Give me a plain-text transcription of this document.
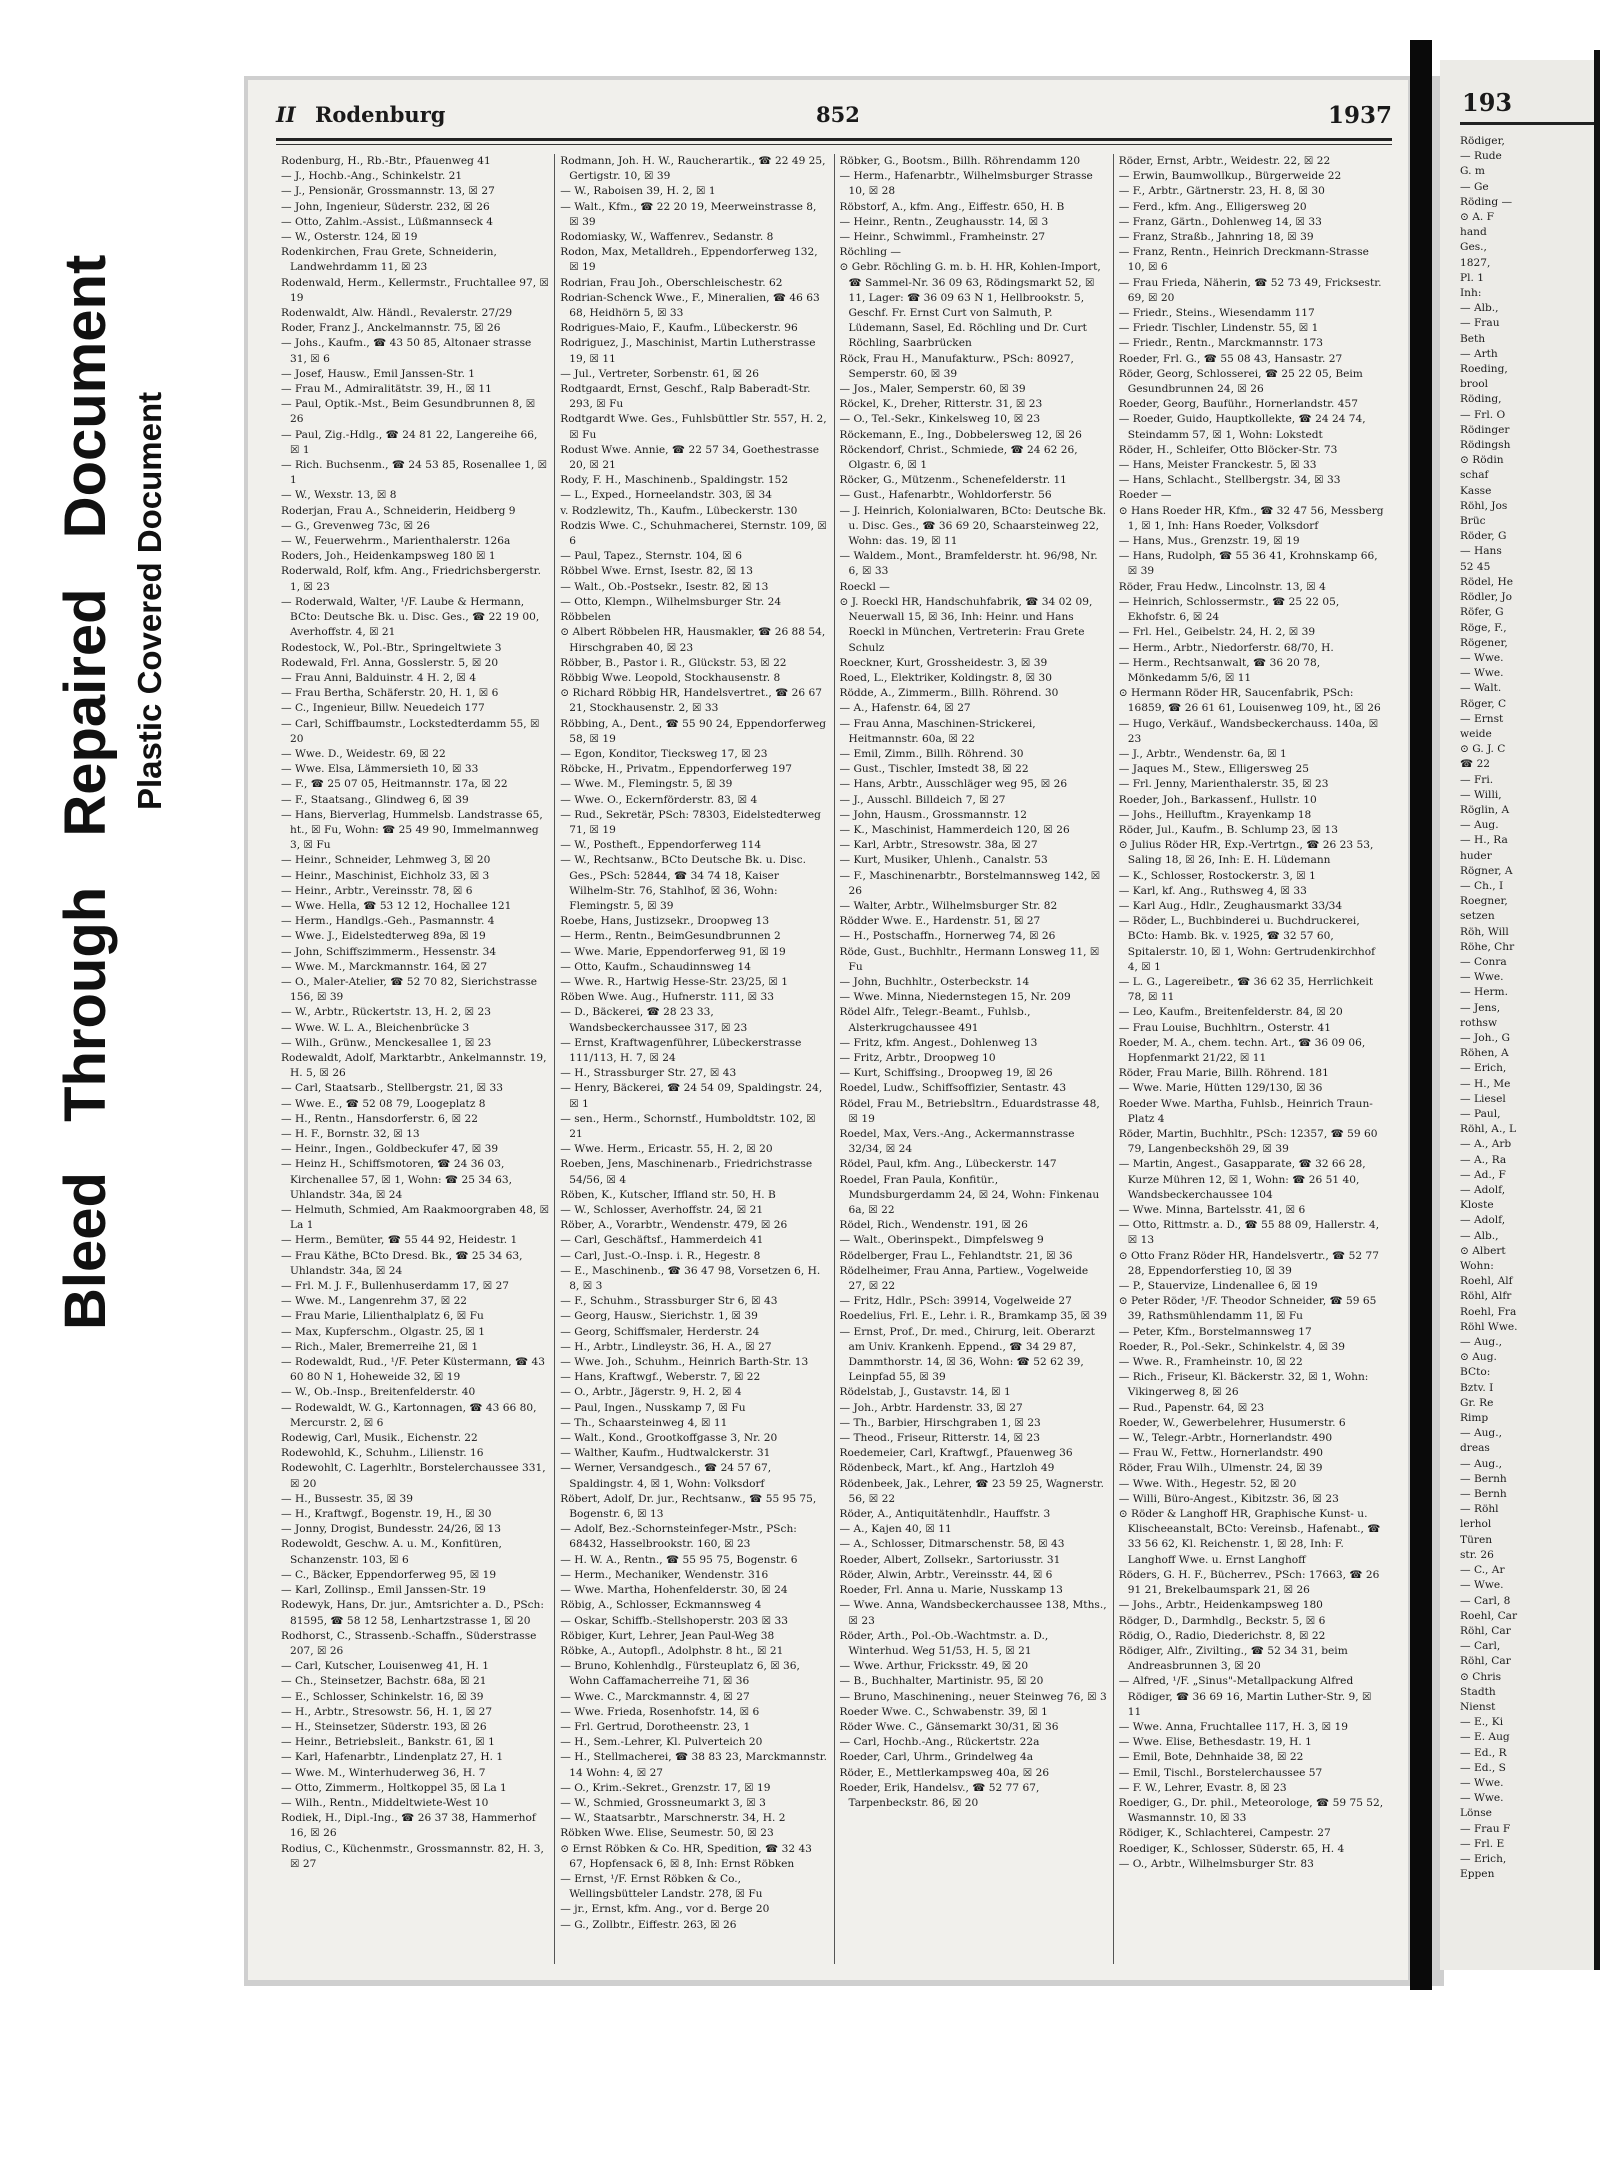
Bleed Through Repaired Document Plastic Covered Document
II Rodenburg	852	1937
Rodenburg, H., Rb.-Btr., Pfauenweg 41
— J., Hochb.-Ang., Schinkelstr. 21
— J., Pensionär, Grossmannstr. 13, ☒ 27
— John, Ingenieur, Süderstr. 232, ☒ 26
— Otto, Zahlm.-Assist., Lüßmannseck 4
— W., Osterstr. 124, ☒ 19
Rodenkirchen, Frau Grete, Schneiderin, Landwehrdamm 11, ☒ 23
Rodenwald, Herm., Kellermstr., Fruchtallee 97, ☒ 19
Rodenwaldt, Alw. Händl., Revalerstr. 27/29
Roder, Franz J., Anckelmannstr. 75, ☒ 26
— Johs., Kaufm., ☎ 43 50 85, Altonaer strasse 31, ☒ 6
— Josef, Hausw., Emil Janssen-Str. 1
— Frau M., Admiralitätstr. 39, H., ☒ 11
— Paul, Optik.-Mst., Beim Gesundbrunnen 8, ☒ 26
— Paul, Zig.-Hdlg., ☎ 24 81 22, Langereihe 66, ☒ 1
— Rich. Buchsenm., ☎ 24 53 85, Rosenallee 1, ☒ 1
— W., Wexstr. 13, ☒ 8
Roderjan, Frau A., Schneiderin, Heidberg 9
— G., Grevenweg 73c, ☒ 26
— W., Feuerwehrm., Marienthalerstr. 126a
Roders, Joh., Heidenkampsweg 180 ☒ 1
Roderwald, Rolf, kfm. Ang., Friedrichsbergerstr. 1, ☒ 23
— Roderwald, Walter, ¹/F. Laube & Hermann, BCto: Deutsche Bk. u. Disc. Ges., ☎ 22 19 00, Averhoffstr. 4, ☒ 21
Rodestock, W., Pol.-Btr., Springeltwiete 3
Rodewald, Frl. Anna, Gosslerstr. 5, ☒ 20
— Frau Anni, Balduinstr. 4 H. 2, ☒ 4
— Frau Bertha, Schäferstr. 20, H. 1, ☒ 6
— C., Ingenieur, Billw. Neuedeich 177
— Carl, Schiffbaumstr., Lockstedterdamm 55, ☒ 20
— Wwe. D., Weidestr. 69, ☒ 22
— Wwe. Elsa, Lämmersieth 10, ☒ 33
— F., ☎ 25 07 05, Heitmannstr. 17a, ☒ 22
— F., Staatsang., Glindweg 6, ☒ 39
— Hans, Bierverlag, Hummelsb. Landstrasse 65, ht., ☒ Fu, Wohn: ☎ 25 49 90, Immelmannweg 3, ☒ Fu
— Heinr., Schneider, Lehmweg 3, ☒ 20
— Heinr., Maschinist, Eichholz 33, ☒ 3
— Heinr., Arbtr., Vereinsstr. 78, ☒ 6
— Wwe. Hella, ☎ 53 12 12, Hochallee 121
— Herm., Handlgs.-Geh., Pasmannstr. 4
— Wwe. J., Eidelstedterweg 89a, ☒ 19
— John, Schiffszimmerm., Hessenstr. 34
— Wwe. M., Marckmannstr. 164, ☒ 27
— O., Maler-Atelier, ☎ 52 70 82, Sierichstrasse 156, ☒ 39
— W., Arbtr., Rückertstr. 13, H. 2, ☒ 23
— Wwe. W. L. A., Bleichenbrücke 3
— Wilh., Grünw., Menckesallee 1, ☒ 23
Rodewaldt, Adolf, Marktarbtr., Ankelmannstr. 19, H. 5, ☒ 26
— Carl, Staatsarb., Stellbergstr. 21, ☒ 33
— Wwe. E., ☎ 52 08 79, Loogeplatz 8
— H., Rentn., Hansdorferstr. 6, ☒ 22
— H. F., Bornstr. 32, ☒ 13
— Heinr., Ingen., Goldbeckufer 47, ☒ 39
— Heinz H., Schiffsmotoren, ☎ 24 36 03, Kirchenallee 57, ☒ 1, Wohn: ☎ 25 34 63, Uhlandstr. 34a, ☒ 24
— Helmuth, Schmied, Am Raakmoorgraben 48, ☒ La 1
— Herm., Bemüter, ☎ 55 44 92, Heidestr. 1
— Frau Käthe, BCto Dresd. Bk., ☎ 25 34 63, Uhlandstr. 34a, ☒ 24
— Frl. M. J. F., Bullenhuserdamm 17, ☒ 27
— Wwe. M., Langenrehm 37, ☒ 22
— Frau Marie, Lilienthalplatz 6, ☒ Fu
— Max, Kupferschm., Olgastr. 25, ☒ 1
— Rich., Maler, Bremerreihe 21, ☒ 1
— Rodewaldt, Rud., ¹/F. Peter Küstermann, ☎ 43 60 80 N 1, Hoheweide 32, ☒ 19
— W., Ob.-Insp., Breitenfelderstr. 40
— Rodewaldt, W. G., Kartonnagen, ☎ 43 66 80, Mercurstr. 2, ☒ 6
Rodewig, Carl, Musik., Eichenstr. 22
Rodewohld, K., Schuhm., Lilienstr. 16
Rodewohlt, C. Lagerhltr., Borstelerchaussee 331, ☒ 20
— H., Bussestr. 35, ☒ 39
— H., Kraftwgf., Bogenstr. 19, H., ☒ 30
— Jonny, Drogist, Bundesstr. 24/26, ☒ 13
Rodewoldt, Geschw. A. u. M., Konfitüren, Schanzenstr. 103, ☒ 6
— C., Bäcker, Eppendorferweg 95, ☒ 19
— Karl, Zollinsp., Emil Janssen-Str. 19
Rodewyk, Hans, Dr. jur., Amtsrichter a. D., PSch: 81595, ☎ 58 12 58, Lenhartzstrasse 1, ☒ 20
Rodhorst, C., Strassenb.-Schaffn., Süderstrasse 207, ☒ 26
— Carl, Kutscher, Louisenweg 41, H. 1
— Ch., Steinsetzer, Bachstr. 68a, ☒ 21
— E., Schlosser, Schinkelstr. 16, ☒ 39
— H., Arbtr., Stresowstr. 56, H. 1, ☒ 27
— H., Steinsetzer, Süderstr. 193, ☒ 26
— Heinr., Betriebsleit., Bankstr. 61, ☒ 1
— Karl, Hafenarbtr., Lindenplatz 27, H. 1
— Wwe. M., Winterhuderweg 36, H. 7
— Otto, Zimmerm., Holtkoppel 35, ☒ La 1
— Wilh., Rentn., Middeltwiete-West 10
Rodiek, H., Dipl.-Ing., ☎ 26 37 38, Hammerhof 16, ☒ 26
Rodius, C., Küchenmstr., Grossmannstr. 82, H. 3, ☒ 27
Rodmann, Joh. H. W., Raucherartik., ☎ 22 49 25, Gertigstr. 10, ☒ 39
— W., Raboisen 39, H. 2, ☒ 1
— Walt., Kfm., ☎ 22 20 19, Meerweinstrasse 8, ☒ 39
Rodomiasky, W., Waffenrev., Sedanstr. 8
Rodon, Max, Metalldreh., Eppendorferweg 132, ☒ 19
Rodrian, Frau Joh., Oberschleischestr. 62
Rodrian-Schenck Wwe., F., Mineralien, ☎ 46 63 68, Heidhörn 5, ☒ 33
Rodrigues-Maio, F., Kaufm., Lübeckerstr. 96
Rodriguez, J., Maschinist, Martin Lutherstrasse 19, ☒ 11
— Jul., Vertreter, Sorbenstr. 61, ☒ 26
Rodtgaardt, Ernst, Geschf., Ralp Baberadt-Str. 293, ☒ Fu
Rodtgardt Wwe. Ges., Fuhlsbüttler Str. 557, H. 2, ☒ Fu
Rodust Wwe. Annie, ☎ 22 57 34, Goethestrasse 20, ☒ 21
Rody, F. H., Maschinenb., Spaldingstr. 152
— L., Exped., Horneelandstr. 303, ☒ 34
v. Rodzlewitz, Th., Kaufm., Lübeckerstr. 130
Rodzis Wwe. C., Schuhmacherei, Sternstr. 109, ☒ 6
— Paul, Tapez., Sternstr. 104, ☒ 6
Röbbel Wwe. Ernst, Isestr. 82, ☒ 13
— Walt., Ob.-Postsekr., Isestr. 82, ☒ 13
— Otto, Klempn., Wilhelmsburger Str. 24
Röbbelen
⊙ Albert Röbbelen HR, Hausmakler, ☎ 26 88 54, Hirschgraben 40, ☒ 23
Röbber, B., Pastor i. R., Glückstr. 53, ☒ 22
Röbbig Wwe. Leopold, Stockhausenstr. 8
⊙ Richard Röbbig HR, Handelsvertret., ☎ 26 67 21, Stockhausenstr. 2, ☒ 33
Röbbing, A., Dent., ☎ 55 90 24, Eppendorferweg 58, ☒ 19
— Egon, Konditor, Tiecksweg 17, ☒ 23
Röbcke, H., Privatm., Eppendorferweg 197
— Wwe. M., Flemingstr. 5, ☒ 39
— Wwe. O., Eckernförderstr. 83, ☒ 4
— Rud., Sekretär, PSch: 78303, Eidelstedterweg 71, ☒ 19
— W., Postheft., Eppendorferweg 114
— W., Rechtsanw., BCto Deutsche Bk. u. Disc. Ges., PSch: 52844, ☎ 34 74 18, Kaiser Wilhelm-Str. 76, Stahlhof, ☒ 36, Wohn: Flemingstr. 5, ☒ 39
Roebe, Hans, Justizsekr., Droopweg 13
— Herm., Rentn., BeimGesundbrunnen 2
— Wwe. Marie, Eppendorferweg 91, ☒ 19
— Otto, Kaufm., Schaudinnsweg 14
— Wwe. R., Hartwig Hesse-Str. 23/25, ☒ 1
Röben Wwe. Aug., Hufnerstr. 111, ☒ 33
— D., Bäckerei, ☎ 28 23 33, Wandsbeckerchaussee 317, ☒ 23
— Ernst, Kraftwagenführer, Lübeckerstrasse 111/113, H. 7, ☒ 24
— H., Strassburger Str. 27, ☒ 43
— Henry, Bäckerei, ☎ 24 54 09, Spaldingstr. 24, ☒ 1
— sen., Herm., Schornstf., Humboldtstr. 102, ☒ 21
— Wwe. Herm., Ericastr. 55, H. 2, ☒ 20
Roeben, Jens, Maschinenarb., Friedrichstrasse 54/56, ☒ 4
Röben, K., Kutscher, Iffland str. 50, H. B
— W., Schlosser, Averhoffstr. 24, ☒ 21
Röber, A., Vorarbtr., Wendenstr. 479, ☒ 26
— Carl, Geschäftsf., Hammerdeich 41
— Carl, Just.-O.-Insp. i. R., Hegestr. 8
— E., Maschinenb., ☎ 36 47 98, Vorsetzen 6, H. 8, ☒ 3
— F., Schuhm., Strassburger Str 6, ☒ 43
— Georg, Hausw., Sierichstr. 1, ☒ 39
— Georg, Schiffsmaler, Herderstr. 24
— H., Arbtr., Lindleystr. 36, H. A., ☒ 27
— Wwe. Joh., Schuhm., Heinrich Barth-Str. 13
— Hans, Kraftwgf., Weberstr. 7, ☒ 22
— O., Arbtr., Jägerstr. 9, H. 2, ☒ 4
— Paul, Ingen., Nusskamp 7, ☒ Fu
— Th., Schaarsteinweg 4, ☒ 11
— Walt., Kond., Grootkoffgasse 3, Nr. 20
— Walther, Kaufm., Hudtwalckerstr. 31
— Werner, Versandgesch., ☎ 24 57 67, Spaldingstr. 4, ☒ 1, Wohn: Volksdorf
Röbert, Adolf, Dr. jur., Rechtsanw., ☎ 55 95 75, Bogenstr. 6, ☒ 13
— Adolf, Bez.-Schornsteinfeger-Mstr., PSch: 68432, Hasselbrookstr. 160, ☒ 23
— H. W. A., Rentn., ☎ 55 95 75, Bogenstr. 6
— Herm., Mechaniker, Wendenstr. 316
— Wwe. Martha, Hohenfelderstr. 30, ☒ 24
Röbig, A., Schlosser, Eckmannsweg 4
— Oskar, Schiffb.-Stellshoperstr. 203 ☒ 33
Röbiger, Kurt, Lehrer, Jean Paul-Weg 38
Röbke, A., Autopfl., Adolphstr. 8 ht., ☒ 21
— Bruno, Kohlenhdlg., Fürsteuplatz 6, ☒ 36, Wohn Caffamacherreihe 71, ☒ 36
— Wwe. C., Marckmannstr. 4, ☒ 27
— Wwe. Frieda, Rosenhofstr. 14, ☒ 6
— Frl. Gertrud, Dorotheenstr. 23, 1
— H., Sem.-Lehrer, Kl. Pulverteich 20
— H., Stellmacherei, ☎ 38 83 23, Marckmannstr. 14 Wohn: 4, ☒ 27
— O., Krim.-Sekret., Grenzstr. 17, ☒ 19
— W., Schmied, Grossneumarkt 3, ☒ 3
— W., Staatsarbtr., Marschnerstr. 34, H. 2
Röbken Wwe. Elise, Seumestr. 50, ☒ 23
⊙ Ernst Röbken & Co. HR, Spedition, ☎ 32 43 67, Hopfensack 6, ☒ 8, Inh: Ernst Röbken
— Ernst, ¹/F. Ernst Röbken & Co., Wellingsbütteler Landstr. 278, ☒ Fu
— jr., Ernst, kfm. Ang., vor d. Berge 20
— G., Zollbtr., Eiffestr. 263, ☒ 26
Röbker, G., Bootsm., Billh. Röhrendamm 120
— Herm., Hafenarbtr., Wilhelmsburger Strasse 10, ☒ 28
Röbstorf, A., kfm. Ang., Eiffestr. 650, H. B
— Heinr., Rentn., Zeughausstr. 14, ☒ 3
— Heinr., Schwimml., Framheinstr. 27
Röchling —
⊙ Gebr. Röchling G. m. b. H. HR, Kohlen-Import, ☎ Sammel-Nr. 36 09 63, Rödingsmarkt 52, ☒ 11, Lager: ☎ 36 09 63 N 1, Hellbrookstr. 5, Geschf. Fr. Ernst Curt von Salmuth, P. Lüdemann, Sasel, Ed. Röchling und Dr. Curt Röchling, Saarbrücken
Röck, Frau H., Manufakturw., PSch: 80927, Semperstr. 60, ☒ 39
— Jos., Maler, Semperstr. 60, ☒ 39
Röckel, K., Dreher, Ritterstr. 31, ☒ 23
— O., Tel.-Sekr., Kinkelsweg 10, ☒ 23
Röckemann, E., Ing., Dobbelersweg 12, ☒ 26
Röckendorf, Christ., Schmiede, ☎ 24 62 26, Olgastr. 6, ☒ 1
Röcker, G., Mützenm., Schenefelderstr. 11
— Gust., Hafenarbtr., Wohldorferstr. 56
— J. Heinrich, Kolonialwaren, BCto: Deutsche Bk. u. Disc. Ges., ☎ 36 69 20, Schaarsteinweg 22, Wohn: das. 19, ☒ 11
— Waldem., Mont., Bramfelderstr. ht. 96/98, Nr. 6, ☒ 33
Roeckl —
⊙ J. Roeckl HR, Handschuhfabrik, ☎ 34 02 09, Neuerwall 15, ☒ 36, Inh: Heinr. und Hans Roeckl in München, Vertreterin: Frau Grete Schulz
Roeckner, Kurt, Grossheidestr. 3, ☒ 39
Roed, L., Elektriker, Koldingstr. 8, ☒ 30
Rödde, A., Zimmerm., Billh. Röhrend. 30
— A., Hafenstr. 64, ☒ 27
— Frau Anna, Maschinen-Strickerei, Heitmannstr. 60a, ☒ 22
— Emil, Zimm., Billh. Röhrend. 30
— Gust., Tischler, Imstedt 38, ☒ 22
— Hans, Arbtr., Ausschläger weg 95, ☒ 26
— J., Ausschl. Billdeich 7, ☒ 27
— John, Hausm., Grossmannstr. 12
— K., Maschinist, Hammerdeich 120, ☒ 26
— Karl, Arbtr., Stresowstr. 38a, ☒ 27
— Kurt, Musiker, Uhlenh., Canalstr. 53
— F., Maschinenarbtr., Borstelmannsweg 142, ☒ 26
— Walter, Arbtr., Wilhelmsburger Str. 82
Rödder Wwe. E., Hardenstr. 51, ☒ 27
— H., Postschaffn., Hornerweg 74, ☒ 26
Röde, Gust., Buchhltr., Hermann Lonsweg 11, ☒ Fu
— John, Buchhltr., Osterbeckstr. 14
— Wwe. Minna, Niedernstegen 15, Nr. 209
Rödel Alfr., Telegr.-Beamt., Fuhlsb., Alsterkrugchaussee 491
— Fritz, kfm. Angest., Dohlenweg 13
— Fritz, Arbtr., Droopweg 10
— Kurt, Schiffsing., Droopweg 19, ☒ 26
Roedel, Ludw., Schiffsoffizier, Sentastr. 43
Rödel, Frau M., Betriebsltrn., Eduardstrasse 48, ☒ 19
Roedel, Max, Vers.-Ang., Ackermannstrasse 32/34, ☒ 24
Rödel, Paul, kfm. Ang., Lübeckerstr. 147
Roedel, Fran Paula, Konfitür., Mundsburgerdamm 24, ☒ 24, Wohn: Finkenau 6a, ☒ 22
Rödel, Rich., Wendenstr. 191, ☒ 26
— Walt., Oberinspekt., Dimpfelsweg 9
Rödelberger, Frau L., Fehlandtstr. 21, ☒ 36
Rödelheimer, Frau Anna, Partiew., Vogelweide 27, ☒ 22
— Fritz, Hdlr., PSch: 39914, Vogelweide 27
Roedelius, Frl. E., Lehr. i. R., Bramkamp 35, ☒ 39
— Ernst, Prof., Dr. med., Chirurg, leit. Oberarzt am Univ. Krankenh. Eppend., ☎ 34 29 87, Dammthorstr. 14, ☒ 36, Wohn: ☎ 52 62 39, Leinpfad 55, ☒ 39
Rödelstab, J., Gustavstr. 14, ☒ 1
— Joh., Arbtr. Hardenstr. 33, ☒ 27
— Th., Barbier, Hirschgraben 1, ☒ 23
— Theod., Friseur, Ritterstr. 14, ☒ 23
Roedemeier, Carl, Kraftwgf., Pfauenweg 36
Rödenbeck, Mart., kf. Ang., Hartzloh 49
Rödenbeek, Jak., Lehrer, ☎ 23 59 25, Wagnerstr. 56, ☒ 22
Röder, A., Antiquitätenhdlr., Hauffstr. 3
— A., Kajen 40, ☒ 11
— A., Schlosser, Ditmarschenstr. 58, ☒ 43
Roeder, Albert, Zollsekr., Sartoriusstr. 31
Röder, Alwin, Arbtr., Vereinsstr. 44, ☒ 6
Roeder, Frl. Anna u. Marie, Nusskamp 13
— Wwe. Anna, Wandsbeckerchaussee 138, Mths., ☒ 23
Röder, Arth., Pol.-Ob.-Wachtmstr. a. D., Winterhud. Weg 51/53, H. 5, ☒ 21
— Wwe. Arthur, Fricksstr. 49, ☒ 20
— B., Buchhalter, Martinistr. 95, ☒ 20
— Bruno, Maschinening., neuer Steinweg 76, ☒ 3
Roeder Wwe. C., Schwabenstr. 39, ☒ 1
Röder Wwe. C., Gänsemarkt 30/31, ☒ 36
— Carl, Hochb.-Ang., Rückertstr. 22a
Roeder, Carl, Uhrm., Grindelweg 4a
Röder, E., Mettlerkampsweg 40a, ☒ 26
Roeder, Erik, Handelsv., ☎ 52 77 67, Tarpenbeckstr. 86, ☒ 20
Röder, Ernst, Arbtr., Weidestr. 22, ☒ 22
— Erwin, Baumwollkup., Bürgerweide 22
— F., Arbtr., Gärtnerstr. 23, H. 8, ☒ 30
— Ferd., kfm. Ang., Elligersweg 20
— Franz, Gärtn., Dohlenweg 14, ☒ 33
— Franz, Straßb., Jahnring 18, ☒ 39
— Franz, Rentn., Heinrich Dreckmann-Strasse 10, ☒ 6
— Frau Frieda, Näherin, ☎ 52 73 49, Fricksestr. 69, ☒ 20
— Friedr., Steins., Wiesendamm 117
— Friedr. Tischler, Lindenstr. 55, ☒ 1
— Friedr., Rentn., Marckmannstr. 173
Roeder, Frl. G., ☎ 55 08 43, Hansastr. 27
Röder, Georg, Schlosserei, ☎ 25 22 05, Beim Gesundbrunnen 24, ☒ 26
Roeder, Georg, Bauführ., Hornerlandstr. 457
— Roeder, Guido, Hauptkollekte, ☎ 24 24 74, Steindamm 57, ☒ 1, Wohn: Lokstedt
Röder, H., Schleifer, Otto Blöcker-Str. 73
— Hans, Meister Franckestr. 5, ☒ 33
— Hans, Schlacht., Stellbergstr. 34, ☒ 33
Roeder —
⊙ Hans Roeder HR, Kfm., ☎ 32 47 56, Messberg 1, ☒ 1, Inh: Hans Roeder, Volksdorf
— Hans, Mus., Grenzstr. 19, ☒ 19
— Hans, Rudolph, ☎ 55 36 41, Krohnskamp 66, ☒ 39
Röder, Frau Hedw., Lincolnstr. 13, ☒ 4
— Heinrich, Schlossermstr., ☎ 25 22 05, Ekhofstr. 6, ☒ 24
— Frl. Hel., Geibelstr. 24, H. 2, ☒ 39
— Herm., Arbtr., Niedorferstr. 68/70, H.
— Herm., Rechtsanwalt, ☎ 36 20 78, Mönkedamm 5/6, ☒ 11
⊙ Hermann Röder HR, Saucenfabrik, PSch: 16859, ☎ 26 61 61, Louisenweg 109, ht., ☒ 26
— Hugo, Verkäuf., Wandsbeckerchauss. 140a, ☒ 23
— J., Arbtr., Wendenstr. 6a, ☒ 1
— Jaques M., Stew., Elligersweg 25
— Frl. Jenny, Marienthalerstr. 35, ☒ 23
Roeder, Joh., Barkassenf., Hullstr. 10
— Johs., Heilluftm., Krayenkamp 18
Röder, Jul., Kaufm., B. Schlump 23, ☒ 13
⊙ Julius Röder HR, Exp.-Vertrtgn., ☎ 26 23 53, Saling 18, ☒ 26, Inh: E. H. Lüdemann
— K., Schlosser, Rostockerstr. 3, ☒ 1
— Karl, kf. Ang., Ruthsweg 4, ☒ 33
— Karl Aug., Hdlr., Zeughausmarkt 33/34
— Röder, L., Buchbinderei u. Buchdruckerei, BCto: Hamb. Bk. v. 1925, ☎ 32 57 60, Spitalerstr. 10, ☒ 1, Wohn: Gertrudenkirchhof 4, ☒ 1
— L. G., Lagereibetr., ☎ 36 62 35, Herrlichkeit 78, ☒ 11
— Leo, Kaufm., Breitenfelderstr. 84, ☒ 20
— Frau Louise, Buchhltrn., Osterstr. 41
Roeder, M. A., chem. techn. Art., ☎ 36 09 06, Hopfenmarkt 21/22, ☒ 11
Röder, Frau Marie, Billh. Röhrend. 181
— Wwe. Marie, Hütten 129/130, ☒ 36
Roeder Wwe. Martha, Fuhlsb., Heinrich Traun-Platz 4
Röder, Martin, Buchhltr., PSch: 12357, ☎ 59 60 79, Langenbeckshöh 29, ☒ 39
— Martin, Angest., Gasapparate, ☎ 32 66 28, Kurze Mühren 12, ☒ 1, Wohn: ☎ 26 51 40, Wandsbeckerchaussee 104
— Wwe. Minna, Bartelsstr. 41, ☒ 6
— Otto, Rittmstr. a. D., ☎ 55 88 09, Hallerstr. 4, ☒ 13
⊙ Otto Franz Röder HR, Handelsvertr., ☎ 52 77 28, Eppendorferstieg 10, ☒ 39
— P., Stauervize, Lindenallee 6, ☒ 19
⊙ Peter Röder, ¹/F. Theodor Schneider, ☎ 59 65 39, Rathsmühlendamm 11, ☒ Fu
— Peter, Kfm., Borstelmannsweg 17
Roeder, R., Pol.-Sekr., Schinkelstr. 4, ☒ 39
— Wwe. R., Framheinstr. 10, ☒ 22
— Rich., Friseur, Kl. Bäckerstr. 32, ☒ 1, Wohn: Vikingerweg 8, ☒ 26
— Rud., Papenstr. 64, ☒ 23
Roeder, W., Gewerbelehrer, Husumerstr. 6
— W., Telegr.-Arbtr., Hornerlandstr. 490
— Frau W., Fettw., Hornerlandstr. 490
Röder, Frau Wilh., Ulmenstr. 24, ☒ 39
— Wwe. With., Hegestr. 52, ☒ 20
— Willi, Büro-Angest., Kibitzstr. 36, ☒ 23
⊙ Röder & Langhoff HR, Graphische Kunst- u. Klischeeanstalt, BCto: Vereinsb., Hafenabt., ☎ 33 56 62, Kl. Reichenstr. 1, ☒ 28, Inh: F. Langhoff Wwe. u. Ernst Langhoff
Röders, G. H. F., Bücherrev., PSch: 17663, ☎ 26 91 21, Brekelbaumspark 21, ☒ 26
— Johs., Arbtr., Heidenkampsweg 180
Rödger, D., Darmhdlg., Beckstr. 5, ☒ 6
Rödig, O., Radio, Diederichstr. 8, ☒ 22
Rödiger, Alfr., Zivilting., ☎ 52 34 31, beim Andreasbrunnen 3, ☒ 20
— Alfred, ¹/F. „Sinus"-Metallpackung Alfred Rödiger, ☎ 36 69 16, Martin Luther-Str. 9, ☒ 11
— Wwe. Anna, Fruchtallee 117, H. 3, ☒ 19
— Wwe. Elise, Bethesdastr. 19, H. 1
— Emil, Bote, Dehnhaide 38, ☒ 22
— Emil, Tischl., Borstelerchaussee 57
— F. W., Lehrer, Evastr. 8, ☒ 23
Roediger, G., Dr. phil., Meteorologe, ☎ 59 75 52, Wasmannstr. 10, ☒ 33
Rödiger, K., Schlachterei, Campestr. 27
Roediger, K., Schlosser, Süderstr. 65, H. 4
— O., Arbtr., Wilhelmsburger Str. 83
193
Rödiger,
— Rude
G. m
— Ge
Röding —
⊙ A. F
hand
Ges.,
1827,
Pl. 1
Inh:
— Alb.,
— Frau
Beth
— Arth
Roeding,
brool
Röding,
— Frl. O
Rödinger
Rödingsh
⊙ Rödin
schaf
Kasse
Röhl, Jos
Brüc
Röder, G
— Hans
52 45
Rödel, He
Rödler, Jo
Röfer, G
Röge, F.,
Rögener,
— Wwe.
— Wwe.
— Walt.
Röger, C
— Ernst
weide
⊙ G. J. C
☎ 22
— Fri.
— Willi,
Röglin, A
— Aug.
— H., Ra
huder
Rögner, A
— Ch., I
Roegner,
setzen
Röh, Will
Röhe, Chr
— Conra
— Wwe.
— Herm.
— Jens,
rothsw
— Joh., G
Röhen, A
— Erich,
— H., Me
— Liesel
— Paul,
Röhl, A., L
— A., Arb
— A., Ra
— Ad., F
— Adolf,
Kloste
— Adolf,
— Alb.,
⊙ Albert
Wohn:
Roehl, Alf
Röhl, Alfr
Roehl, Fra
Röhl Wwe.
— Aug.,
⊙ Aug.
BCto:
Bztv. I
Gr. Re
Rimp
— Aug.,
dreas
— Aug.,
— Bernh
— Bernh
— Röhl
lerhol
Türen
str. 26
— C., Ar
— Wwe.
— Carl, 8
Roehl, Car
Röhl, Car
— Carl,
Röhl, Car
⊙ Chris
Stadth
Nienst
— E., Ki
— E. Aug
— Ed., R
— Ed., S
— Wwe.
— Wwe.
Lönse
— Frau F
— Frl. E
— Erich,
Eppen
